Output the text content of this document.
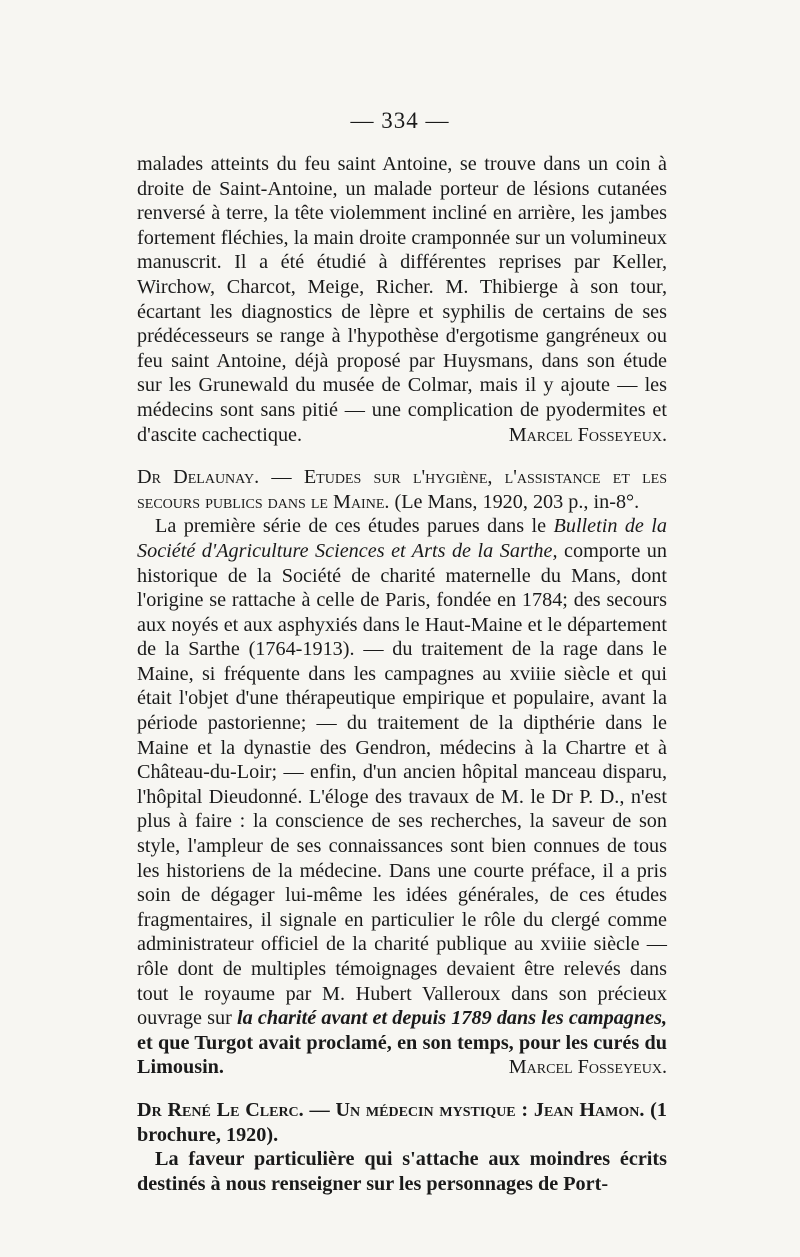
— 334 —

malades atteints du feu saint Antoine, se trouve dans un coin à droite de Saint-Antoine, un malade porteur de lésions cutanées renversé à terre, la tête violemment incliné en arrière, les jambes fortement fléchies, la main droite cramponnée sur un volumineux manuscrit. Il a été étudié à différentes reprises par Keller, Wirchow, Charcot, Meige, Richer. M. Thibierge à son tour, écartant les diagnostics de lèpre et syphilis de certains de ses prédécesseurs se range à l'hypothèse d'ergotisme gangréneux ou feu saint Antoine, déjà proposé par Huysmans, dans son étude sur les Grunewald du musée de Colmar, mais il y ajoute — les médecins sont sans pitié — une complication de pyodermites et d'ascite cachectique.	Marcel Fosseyeux.

Dr Delaunay. — Etudes sur l'hygiène, l'assistance et les secours publics dans le Maine. (Le Mans, 1920, 203 p., in-8°.

La première série de ces études parues dans le Bulletin de la Société d'Agriculture Sciences et Arts de la Sarthe, comporte un historique de la Société de charité maternelle du Mans, dont l'origine se rattache à celle de Paris, fondée en 1784; des secours aux noyés et aux asphyxiés dans le Haut-Maine et le département de la Sarthe (1764-1913). — du traitement de la rage dans le Maine, si fréquente dans les campagnes au xviiie siècle et qui était l'objet d'une thérapeutique empirique et populaire, avant la période pastorienne; — du traitement de la dipthérie dans le Maine et la dynastie des Gendron, médecins à la Chartre et à Château-du-Loir; — enfin, d'un ancien hôpital manceau disparu, l'hôpital Dieudonné. L'éloge des travaux de M. le Dr P. D., n'est plus à faire : la conscience de ses recherches, la saveur de son style, l'ampleur de ses connaissances sont bien connues de tous les historiens de la médecine. Dans une courte préface, il a pris soin de dégager lui-même les idées générales, de ces études fragmentaires, il signale en particulier le rôle du clergé comme administrateur officiel de la charité publique au xviiie siècle — rôle dont de multiples témoignages devaient être relevés dans tout le royaume par M. Hubert Valleroux dans son précieux ouvrage sur la charité avant et depuis 1789 dans les campagnes, et que Turgot avait proclamé, en son temps, pour les curés du Limousin.	Marcel Fosseyeux.

Dr René Le Clerc. — Un médecin mystique : Jean Hamon. (1 brochure, 1920).

La faveur particulière qui s'attache aux moindres écrits destinés à nous renseigner sur les personnages de Port-
